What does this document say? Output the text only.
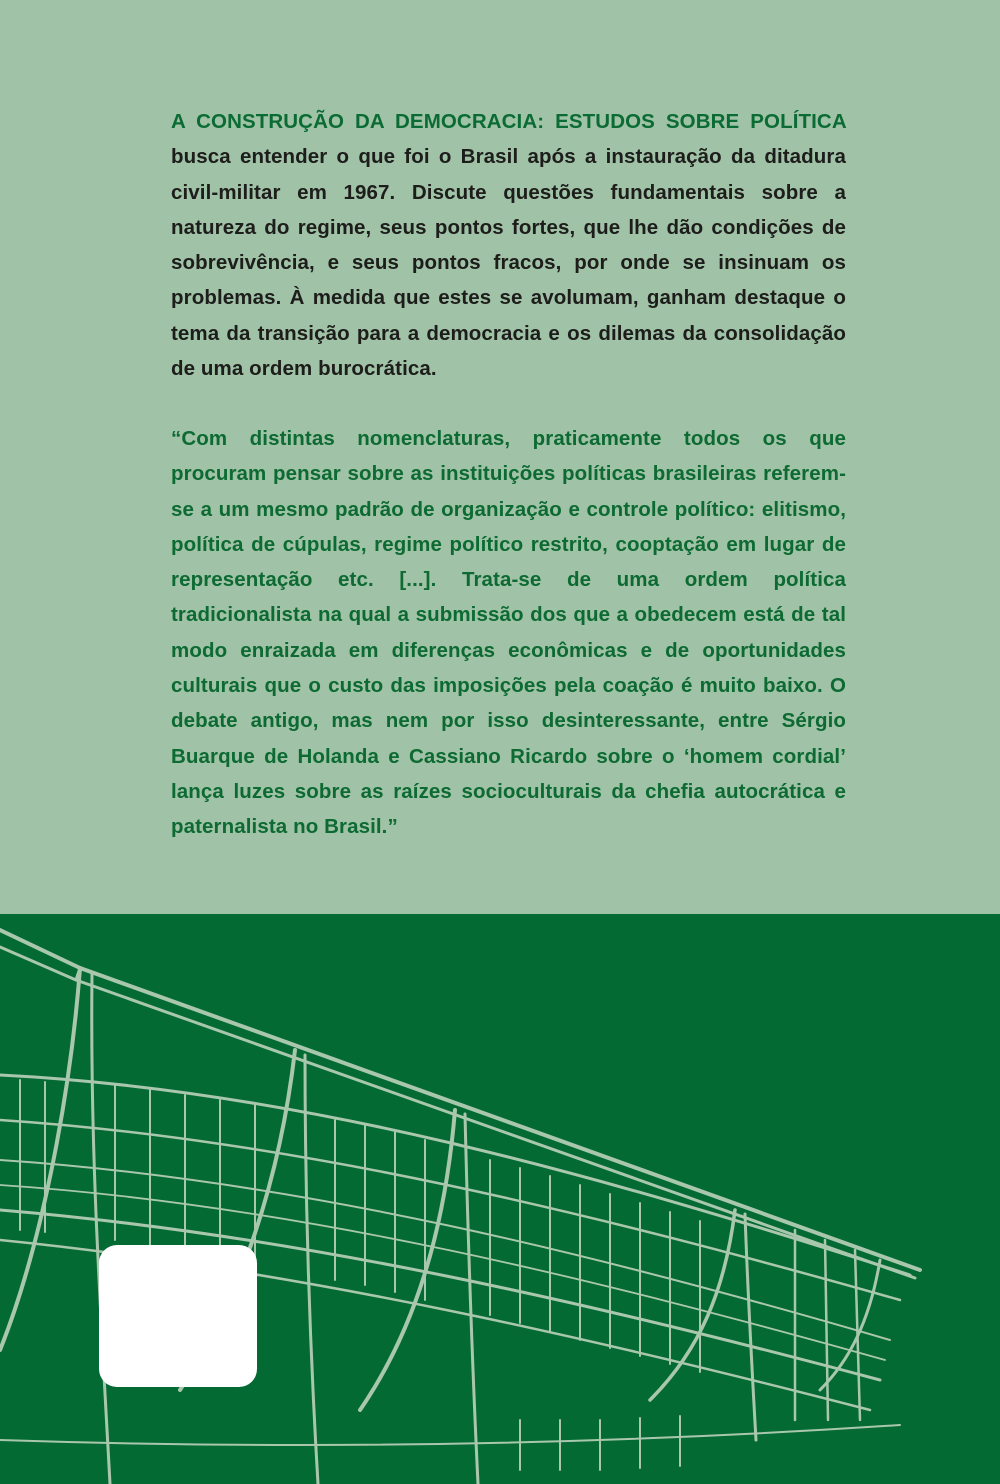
A CONSTRUÇÃO DA DEMOCRACIA: ESTUDOS SOBRE POLÍTICA busca entender o que foi o Brasil após a instauração da ditadura civil-militar em 1967. Discute questões fundamentais sobre a natureza do regime, seus pontos fortes, que lhe dão condições de sobrevivência, e seus pontos fracos, por onde se insinuam os problemas. À medida que estes se avolumam, ganham destaque o tema da transição para a democracia e os dilemas da consolidação de uma ordem burocrática.
“Com distintas nomenclaturas, praticamente todos os que procuram pensar sobre as instituições políticas brasileiras referem-se a um mesmo padrão de organização e controle político: elitismo, política de cúpulas, regime político restrito, cooptação em lugar de representação etc. [...]. Trata-se de uma ordem política tradicionalista na qual a submissão dos que a obedecem está de tal modo enraizada em diferenças econômicas e de oportunidades culturais que o custo das imposições pela coação é muito baixo. O debate antigo, mas nem por isso desinteressante, entre Sérgio Buarque de Holanda e Cassiano Ricardo sobre o ‘homem cordial’ lança luzes sobre as raízes socioculturais da chefia autocrática e paternalista no Brasil.”
